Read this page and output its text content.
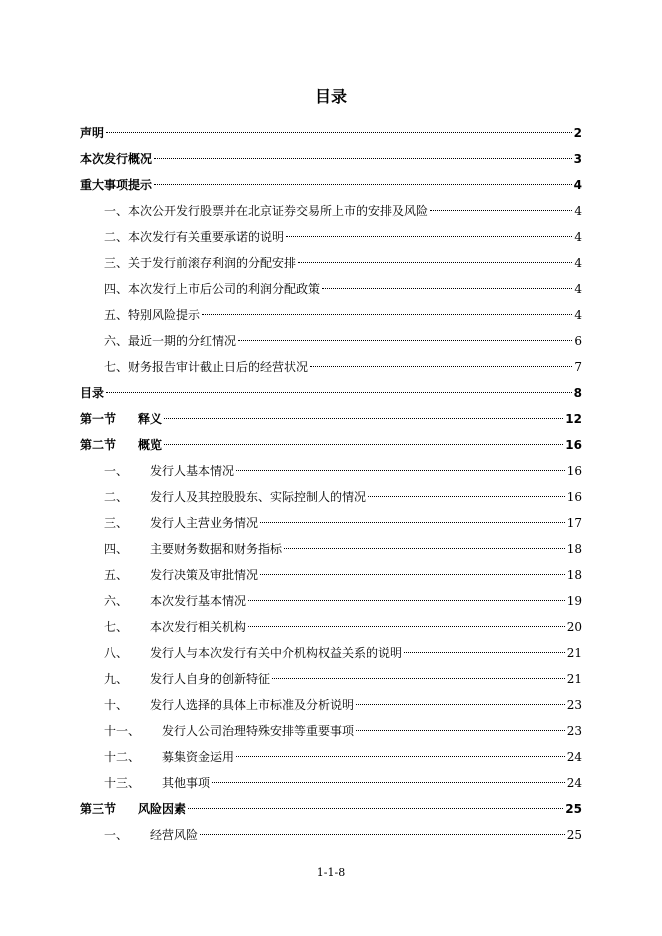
目录
声明	2
本次发行概况	3
重大事项提示	4
一、本次公开发行股票并在北京证券交易所上市的安排及风险	4
二、本次发行有关重要承诺的说明	4
三、关于发行前滚存利润的分配安排	4
四、本次发行上市后公司的利润分配政策	4
五、特别风险提示	4
六、最近一期的分红情况	6
七、财务报告审计截止日后的经营状况	7
目录	8
第一节	释义	12
第二节	概览	16
一、	发行人基本情况	16
二、	发行人及其控股股东、实际控制人的情况	16
三、	发行人主营业务情况	17
四、	主要财务数据和财务指标	18
五、	发行决策及审批情况	18
六、	本次发行基本情况	19
七、	本次发行相关机构	20
八、	发行人与本次发行有关中介机构权益关系的说明	21
九、	发行人自身的创新特征	21
十、	发行人选择的具体上市标准及分析说明	23
十一、	发行人公司治理特殊安排等重要事项	23
十二、	募集资金运用	24
十三、	其他事项	24
第三节	风险因素	25
一、	经营风险	25
1-1-8
